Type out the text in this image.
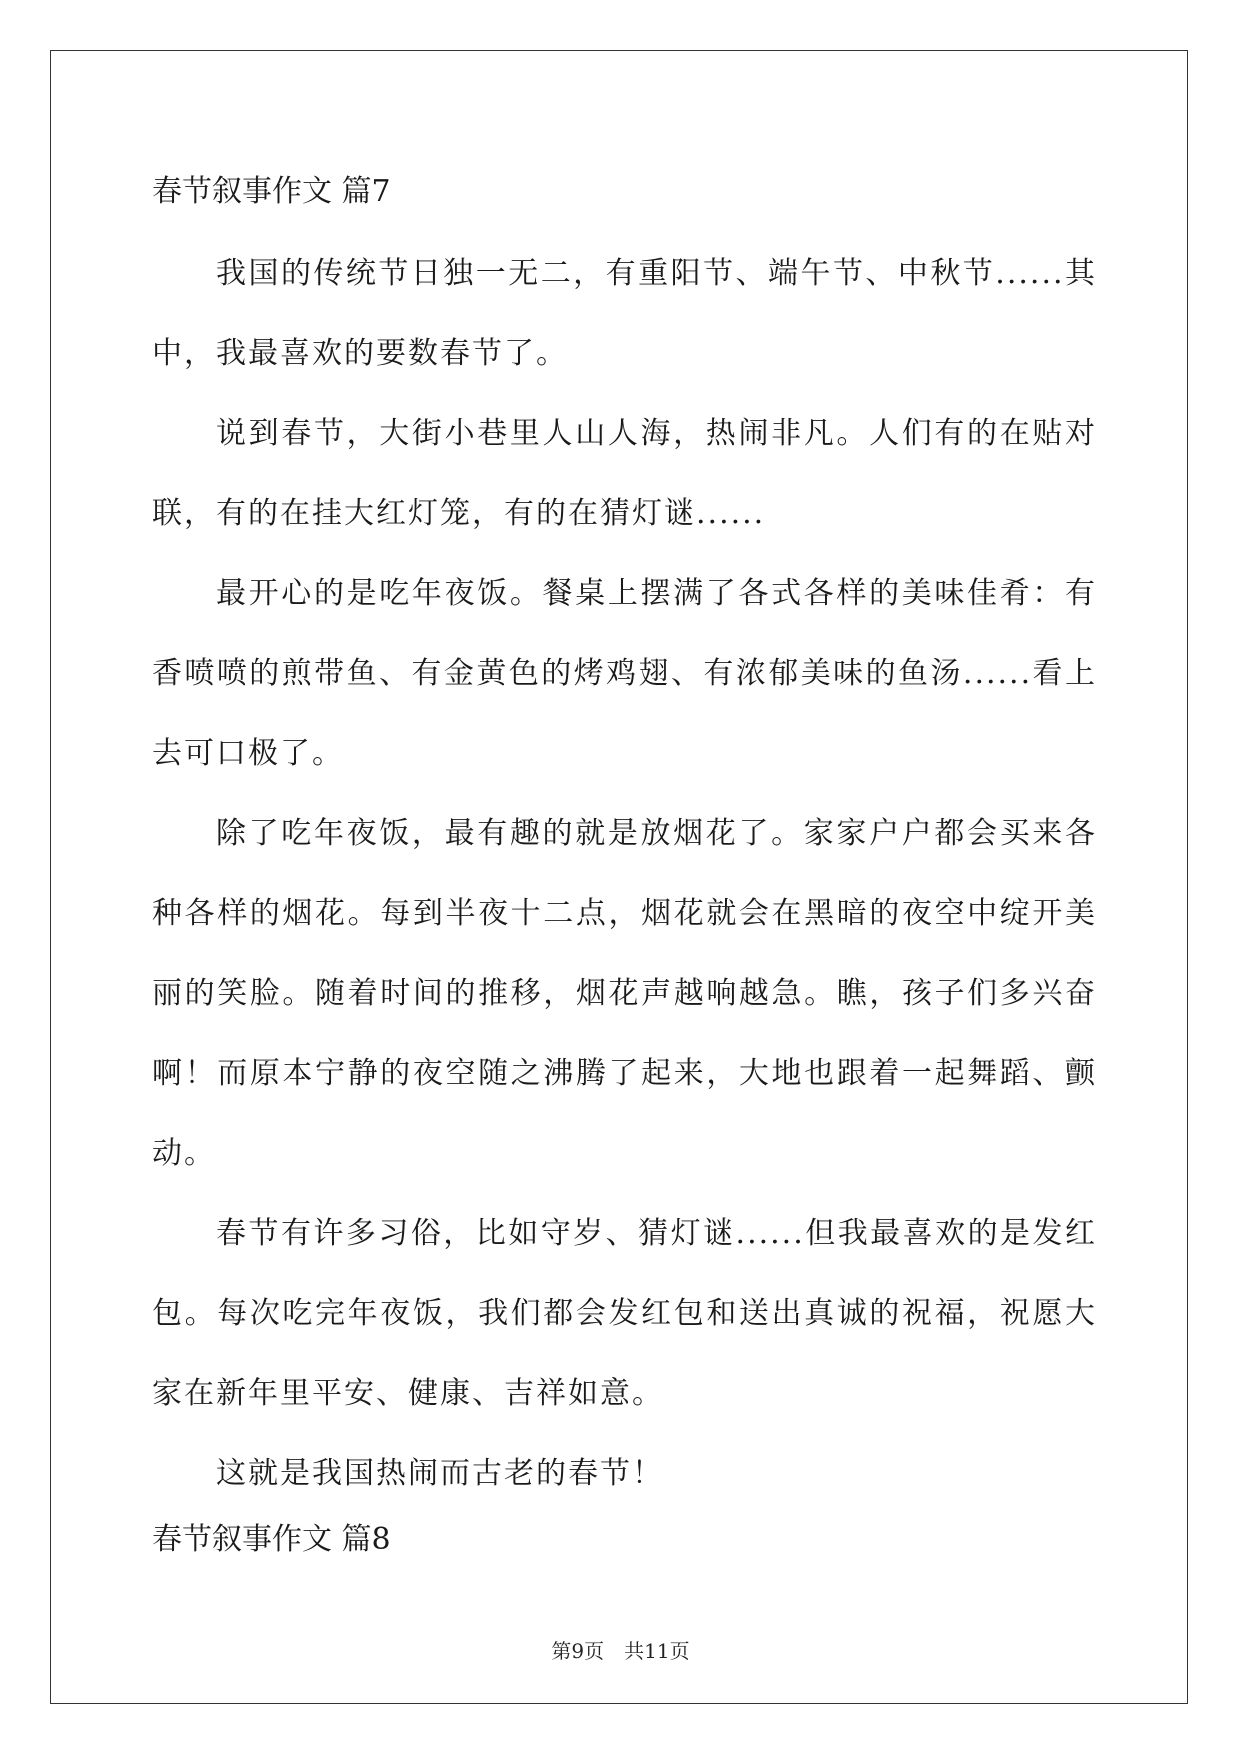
春节叙事作文 篇7

我国的传统节日独一无二，有重阳节、端午节、中秋节......其中，我最喜欢的要数春节了。

说到春节，大街小巷里人山人海，热闹非凡。人们有的在贴对联，有的在挂大红灯笼，有的在猜灯谜......

最开心的是吃年夜饭。餐桌上摆满了各式各样的美味佳肴：有香喷喷的煎带鱼、有金黄色的烤鸡翅、有浓郁美味的鱼汤......看上去可口极了。

除了吃年夜饭，最有趣的就是放烟花了。家家户户都会买来各种各样的烟花。每到半夜十二点，烟花就会在黑暗的夜空中绽开美丽的笑脸。随着时间的推移，烟花声越响越急。瞧，孩子们多兴奋啊！而原本宁静的夜空随之沸腾了起来，大地也跟着一起舞蹈、颤动。

春节有许多习俗，比如守岁、猜灯谜......但我最喜欢的是发红包。每次吃完年夜饭，我们都会发红包和送出真诚的祝福，祝愿大家在新年里平安、健康、吉祥如意。

这就是我国热闹而古老的春节！

春节叙事作文 篇8
第9页　共11页
